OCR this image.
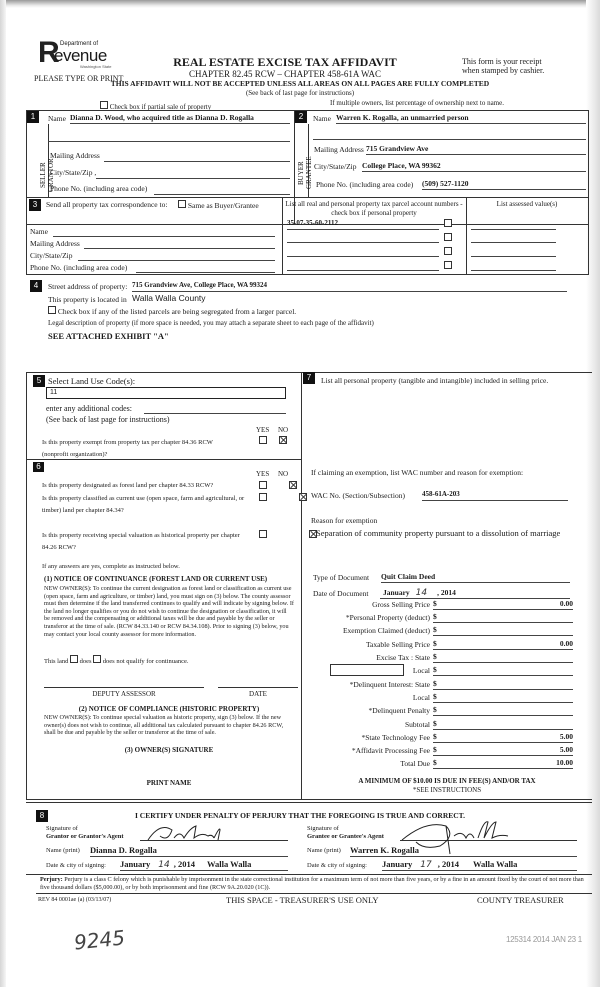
R Department of
evenue
Washington State
PLEASE TYPE OR PRINT
REAL ESTATE EXCISE TAX AFFIDAVIT
CHAPTER 82.45 RCW – CHAPTER 458-61A WAC
This form is your receipt
when stamped by cashier.
THIS AFFIDAVIT WILL NOT BE ACCEPTED UNLESS ALL AREAS ON ALL PAGES ARE FULLY COMPLETED
(See back of last page for instructions)
Check box if partial sale of property	If multiple owners, list percentage of ownership next to name.
1
SELLER GRANTOR
Name Dianna D. Wood, who acquired title as Dianna D. Rogalla
Mailing Address
City/State/Zip ,
Phone No. (including area code)
2
BUYER GRANTEE
Name Warren K. Rogalla, an unmarried person
Mailing Address 715 Grandview Ave
City/State/Zip College Place, WA 99362
Phone No. (including area code) (509) 527-1120
3	Send all property tax correspondence to:	Same as Buyer/Grantee
Name
Mailing Address
City/State/Zip
Phone No. (including area code)
List all real and personal property tax parcel account numbers - check box if personal property
List assessed value(s)
35-07-35-60-2112
4	Street address of property: 715 Grandview Ave, College Place, WA 99324
This property is located in Walla Walla County
Check box if any of the listed parcels are being segregated from a larger parcel.
Legal description of property (if more space is needed, you may attach a separate sheet to each page of the affidavit)
SEE ATTACHED EXHIBIT "A"
5 Select Land Use Code(s):
11
enter any additional codes:
(See back of last page for instructions)
YES NO
Is this property exempt from property tax per chapter 84.36 RCW (nonprofit organization)?

6
YES NO
Is this property designated as forest land per chapter 84.33 RCW?

Is this property classified as current use (open space, farm and agricultural, or timber) land per chapter 84.34?

Is this property receiving special valuation as historical property per chapter 84.26 RCW?
If any answers are yes, complete as instructed below.
(1) NOTICE OF CONTINUANCE (FOREST LAND OR CURRENT USE)
NEW OWNER(S): To continue the current designation as forest land or classification as current use (open space, farm and agriculture, or timber) land, you must sign on (3) below. The county assessor must then determine if the land transferred continues to qualify and will indicate by signing below. If the land no longer qualifies or you do not wish to continue the designation or classification, it will be removed and the compensating or additional taxes will be due and payable by the seller or transferor at the time of sale. (RCW 84.33.140 or RCW 84.34.108). Prior to signing (3) below, you may contact your local county assessor for more information.
This land does does not qualify for continuance.
DEPUTY ASSESSOR	DATE
(2) NOTICE OF COMPLIANCE (HISTORIC PROPERTY)
NEW OWNER(S): To continue special valuation as historic property, sign (3) below. If the new owner(s) does not wish to continue, all additional tax calculated pursuant to chapter 84.26 RCW, shall be due and payable by the seller or transferor at the time of sale.
(3) OWNER(S) SIGNATURE
PRINT NAME
7	List all personal property (tangible and intangible) included in selling price.
If claiming an exemption, list WAC number and reason for exemption:
WAC No. (Section/Subsection) 458-61A-203
Reason for exemption
Separation of community property pursuant to a dissolution of marriage
Type of Document Quit Claim Deed
Date of Document	January 14 , 2014
Gross Selling Price $	0.00
*Personal Property (deduct) $
Exemption Claimed (deduct) $
Taxable Selling Price $	0.00
Excise Tax : State $
Local $
*Delinquent Interest: State $
Local $
*Delinquent Penalty $
Subtotal $
*State Technology Fee $	5.00
*Affidavit Processing Fee $	5.00
Total Due $	10.00
A MINIMUM OF $10.00 IS DUE IN FEE(S) AND/OR TAX
*SEE INSTRUCTIONS
8	I CERTIFY UNDER PENALTY OF PERJURY THAT THE FOREGOING IS TRUE AND CORRECT.
Signature of
Grantor or Grantor's Agent
Name (print) Dianna D. Rogalla
Date & city of signing: January 14 , 2014 Walla Walla
Signature of
Grantee or Grantee's Agent
Name (print) Warren K. Rogalla
Date & city of signing: January 17 , 2014 Walla Walla
Perjury: Perjury is a class C felony which is punishable by imprisonment in the state correctional institution for a maximum term of not more than five years, or by a fine in an amount fixed by the court of not more than five thousand dollars ($5,000.00), or by both imprisonment and fine (RCW 9A.20.020 (1C)).
REV 84 0001ae (a) (03/13/07)	THIS SPACE - TREASURER'S USE ONLY	COUNTY TREASURER
125314 2014 JAN 23 1
9245
